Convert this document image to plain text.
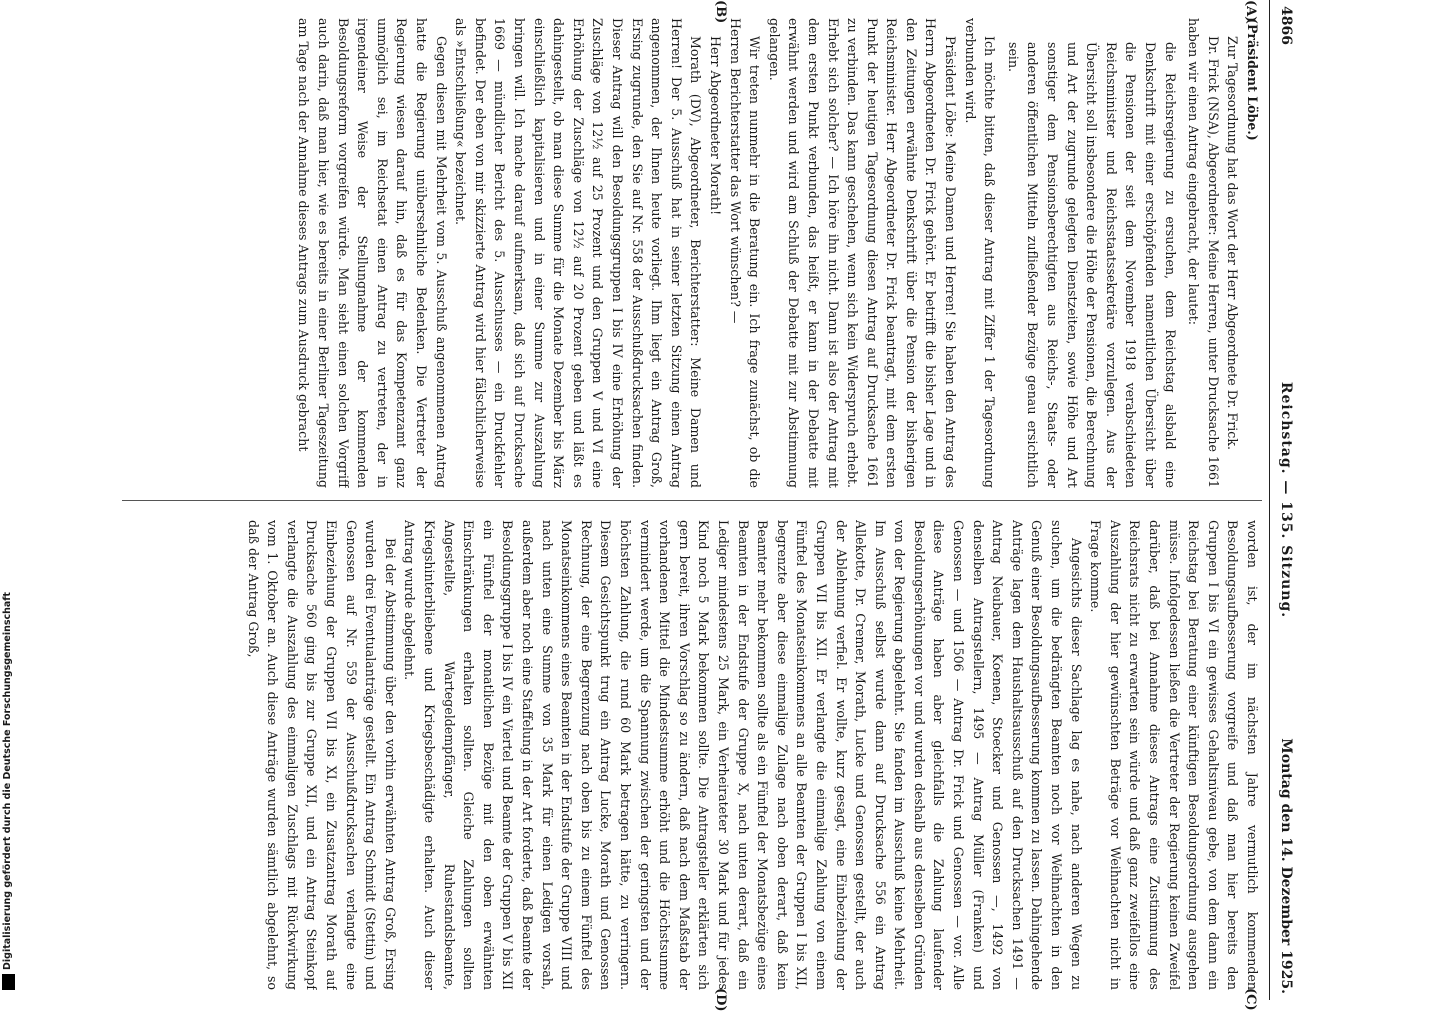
4866
Reichstag. — 135. Sitzung.
Montag den 14. Dezember 1925.
(A)
(B)
(C)
(D)

(Präsident Löbe.)

Zur Tagesordnung hat das Wort der Herr Abgeordnete Dr. Frick.

Dr. Frick (NSA), Abgeordneter: Meine Herren, unter Drucksache 1661 haben wir einen Antrag eingebracht, der lautet:

die Reichsregierung zu ersuchen, dem Reichstag alsbald eine Denkschrift mit einer erschöpfenden namentlichen Übersicht über die Pensionen der seit dem November 1918 verabschiedeten Reichsminister und Reichsstaatssekretäre vorzulegen. Aus der Übersicht soll insbesondere die Höhe der Pensionen, die Berechnung und Art der zugrunde gelegten Dienstzeiten, sowie Höhe und Art sonstiger dem Pensionsberechtigten aus Reichs-, Staats- oder anderen öffentlichen Mitteln zufließender Bezüge genau ersichtlich sein.

Ich möchte bitten, daß dieser Antrag mit Ziffer 1 der Tagesordnung verbunden wird.

Präsident Löbe: Meine Damen und Herren! Sie haben den Antrag des Herrn Abgeordneten Dr. Frick gehört. Er betrifft die bisher Lage und in den Zeitungen erwähnte Denkschrift über die Pension der bisherigen Reichsminister. Herr Abgeordneter Dr. Frick beantragt, mit dem ersten Punkt der heutigen Tagesordnung diesen Antrag auf Drucksache 1661 zu verbinden. Das kann geschehen, wenn sich kein Widerspruch erhebt. Erhebt sich solcher? — Ich höre ihn nicht. Dann ist also der Antrag mit dem ersten Punkt verbunden, das heißt, er kann in der Debatte mit erwähnt werden und wird am Schluß der Debatte mit zur Abstimmung gelangen.

Wir treten nunmehr in die Beratung ein. Ich frage zunächst, ob die Herren Berichterstatter das Wort wünschen? —

Herr Abgeordneter Morath!

Morath (DV), Abgeordneter, Berichterstatter: Meine Damen und Herren! Der 5. Ausschuß hat in seiner letzten Sitzung einen Antrag angenommen, der Ihnen heute vorliegt. Ihm liegt ein Antrag Groß, Ersing zugrunde, den Sie auf Nr. 558 der Ausschußdrucksachen finden. Dieser Antrag will den Besoldungsgruppen I bis IV eine Erhöhung der Zuschläge von 12½ auf 25 Prozent und den Gruppen V und VI eine Erhöhung der Zuschläge von 12½ auf 20 Prozent geben und läßt es dahingestellt, ob man diese Summe für die Monate Dezember bis März einschließlich kapitalisieren und in einer Summe zur Auszahlung bringen will. Ich mache darauf aufmerksam, daß sich auf Drucksache 1669 — mündlicher Bericht des 5. Ausschusses — ein Druckfehler befindet. Der eben von mir skizzierte Antrag wird hier fälschlicherweise als »Entschließung« bezeichnet.

Gegen diesen mit Mehrheit vom 5. Ausschuß angenommenen Antrag hatte die Regierung unübersehnliche Bedenken. Die Vertreter der Regierung wiesen darauf hin, daß es für das Kompetenzamt ganz unmöglich sei, im Reichsetat einen Antrag zu vertreten, der in irgendeiner Weise der Stellungnahme der kommenden Besoldungsreform vorgreifen würde. Man sieht einen solchen Vorgriff auch darin, daß man hier, wie es bereits in einer Berliner Tageszeitung am Tage nach der Annahme dieses Antrags zum Ausdruck gebracht

worden ist, der im nächsten Jahre vermutlich kommenden Besoldungsaufbesserung vorgreife und daß man hier bereits den Gruppen I bis VI ein gewisses Gehaltsniveau gebe, von dem dann ein Reichstag bei Beratung einer künftigen Besoldungsordnung ausgehen müsse. Infolgedessen ließen die Vertreter der Regierung keinen Zweifel darüber, daß bei Annahme dieses Antrags eine Zustimmung des Reichsrats nicht zu erwarten sein würde und daß ganz zweifellos eine Auszahlung der hier gewünschten Beträge vor Weihnachten nicht in Frage komme.

Angesichts dieser Sachlage lag es nahe, nach anderen Wegen zu suchen, um die bedrängten Beamten noch vor Weihnachten in den Genuß einer Besoldungsaufbesserung kommen zu lassen. Dahingehende Anträge lagen dem Haushaltsausschuß auf den Drucksachen 1491 — Antrag Neubauer, Koenen, Stoecker und Genossen —, 1492 von denselben Antragstellern, 1495 — Antrag Müller (Franken) und Genossen — und 1506 — Antrag Dr. Frick und Genossen — vor. Alle diese Anträge haben aber gleichfalls die Zahlung laufender Besoldungserhöhungen vor und wurden deshalb aus denselben Gründen von der Regierung abgelehnt. Sie fanden im Ausschuß keine Mehrheit. Im Ausschuß selbst wurde dann auf Drucksache 556 ein Antrag Allekotte, Dr. Cremer, Morath, Lucke und Genossen gestellt, der auch der Ablehnung verfiel. Er wollte, kurz gesagt, eine Einbeziehung der Gruppen VII bis XII. Er verlangte die einmalige Zahlung von einem Fünftel des Monatseinkommens an alle Beamten der Gruppen I bis XII, begrenzte aber diese einmalige Zulage nach oben derart, daß kein Beamter mehr bekommen sollte als ein Fünftel der Monatsbezüge eines Beamten in der Endstufe der Gruppe X, nach unten derart, daß ein Lediger mindestens 25 Mark, ein Verheirateter 30 Mark und für jedes Kind noch 5 Mark bekommen sollte. Die Antragsteller erklärten sich gern bereit, ihren Vorschlag so zu ändern, daß nach dem Maßstab der vorhandenen Mittel die Mindestsumme erhöht und die Höchstsumme vermindert werde, um die Spannung zwischen der geringsten und der höchsten Zahlung, die rund 60 Mark betragen hätte, zu verringern. Diesem Gesichtspunkt trug ein Antrag Lucke, Morath und Genossen Rechnung, der eine Begrenzung nach oben bis zu einem Fünftel des Monatseinkommens eines Beamten in der Endstufe der Gruppe VIII und nach unten eine Summe von 35 Mark für einen Ledigen vorsah, außerdem aber noch eine Staffelung in der Art forderte, daß Beamte der Besoldungsgruppe I bis IV ein Viertel und Beamte der Gruppen V bis XII ein Fünftel der monatlichen Bezüge mit den oben erwähnten Einschränkungen erhalten sollten. Gleiche Zahlungen sollten Angestellte, Wartegeldempfänger, Ruhestandsbeamte, Kriegshinterbliebene und Kriegsbeschädigte erhalten. Auch dieser Antrag wurde abgelehnt.

Bei der Abstimmung über den vorhin erwähnten Antrag Groß, Ersing wurden drei Eventualanträge gestellt. Ein Antrag Schmidt (Stettin) und Genossen auf Nr. 559 der Ausschußdrucksachen verlangte eine Einbeziehung der Gruppen VII bis XI, ein Zusatzantrag Morath auf Drucksache 560 ging bis zur Gruppe XII, und ein Antrag Steinkopf verlangte die Auszahlung des einmaligen Zuschlags mit Rückwirkung vom 1. Oktober an. Auch diese Anträge wurden sämtlich abgelehnt, so daß der Antrag Groß,

Digitalisierung gefördert durch die Deutsche Forschungsgemeinschaft
